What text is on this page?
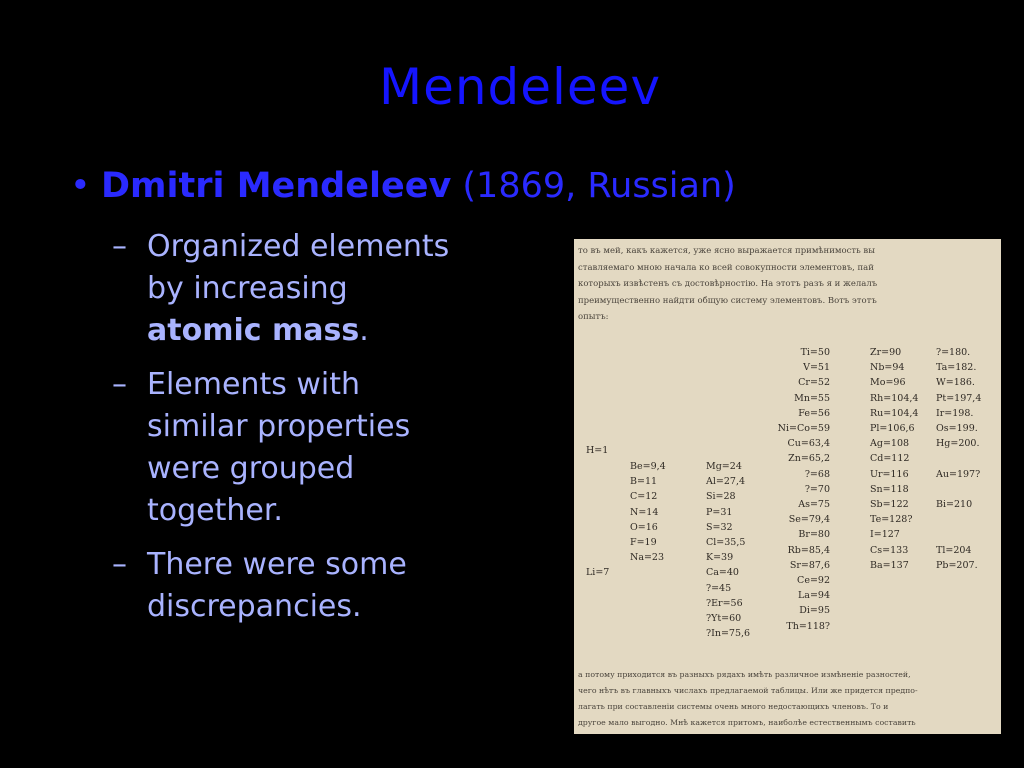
Mendeleev
• Dmitri Mendeleev (1869, Russian)
– Organized elements
by increasing
atomic mass.
– Elements with
similar properties
were grouped
together.
– There were some
discrepancies.
то въ мей, какъ кажется, уже ясно выражается примѣнимость вы
ставляемаго мною начала ко всей совокупности элементовъ, пай
которыхъ извѣстенъ съ достовѣрностію. На этотъ разъ я и желалъ
преимущественно найдти общую систему элементовъ. Вотъ этотъ
опытъ:
H=1

Li=7
Be=9,4
B=11
C=12
N=14
O=16
F=19
Na=23
Mg=24
Al=27,4
Si=28
P=31
S=32
Cl=35,5
K=39
Ca=40
?=45
?Er=56
?Yt=60
?In=75,6
Ti=50
V=51
Cr=52
Mn=55
Fe=56
Ni=Co=59
Cu=63,4
Zn=65,2
?=68
?=70
As=75
Se=79,4
Br=80
Rb=85,4
Sr=87,6
Ce=92
La=94
Di=95
Th=118?
Zr=90
Nb=94
Mo=96
Rh=104,4
Ru=104,4
Pl=106,6
Ag=108
Cd=112
Ur=116
Sn=118
Sb=122
Te=128?
I=127
Cs=133
Ba=137
?=180.
Ta=182.
W=186.
Pt=197,4
Ir=198.
Os=199.
Hg=200.

Au=197?

Bi=210

Tl=204
Pb=207.
а потому приходится въ разныхъ рядахъ имѣть различное измѣненіе разностей,
чего нѣтъ въ главныхъ числахъ предлагаемой таблицы. Или же придется предпо-
лагать при составленіи системы очень много недостающихъ членовъ. То и
другое мало выгодно. Мнѣ кажется притомъ, наиболѣе естественнымъ составить
